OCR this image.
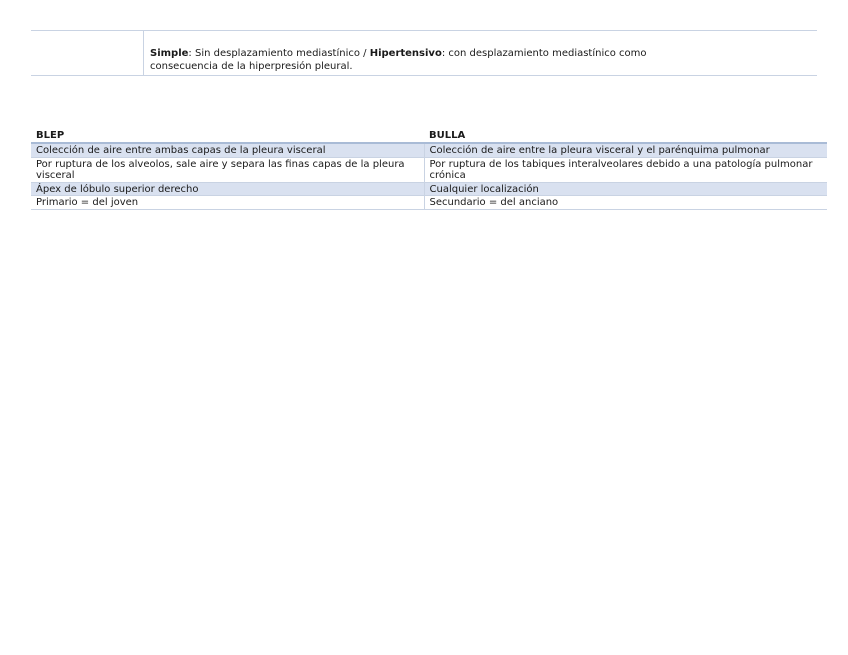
Simple: Sin desplazamiento mediastínico / Hipertensivo: con desplazamiento mediastínico como
consecuencia de la hiperpresión pleural.
BLEP	BULLA
Colección de aire entre ambas capas de la pleura visceral	Colección de aire entre la pleura visceral y el parénquima pulmonar
Por ruptura de los alveolos, sale aire y separa las finas capas de la pleura visceral	Por ruptura de los tabiques interalveolares debido a una patología pulmonar crónica
Ápex de lóbulo superior derecho	Cualquier localización
Primario = del joven	Secundario = del anciano
